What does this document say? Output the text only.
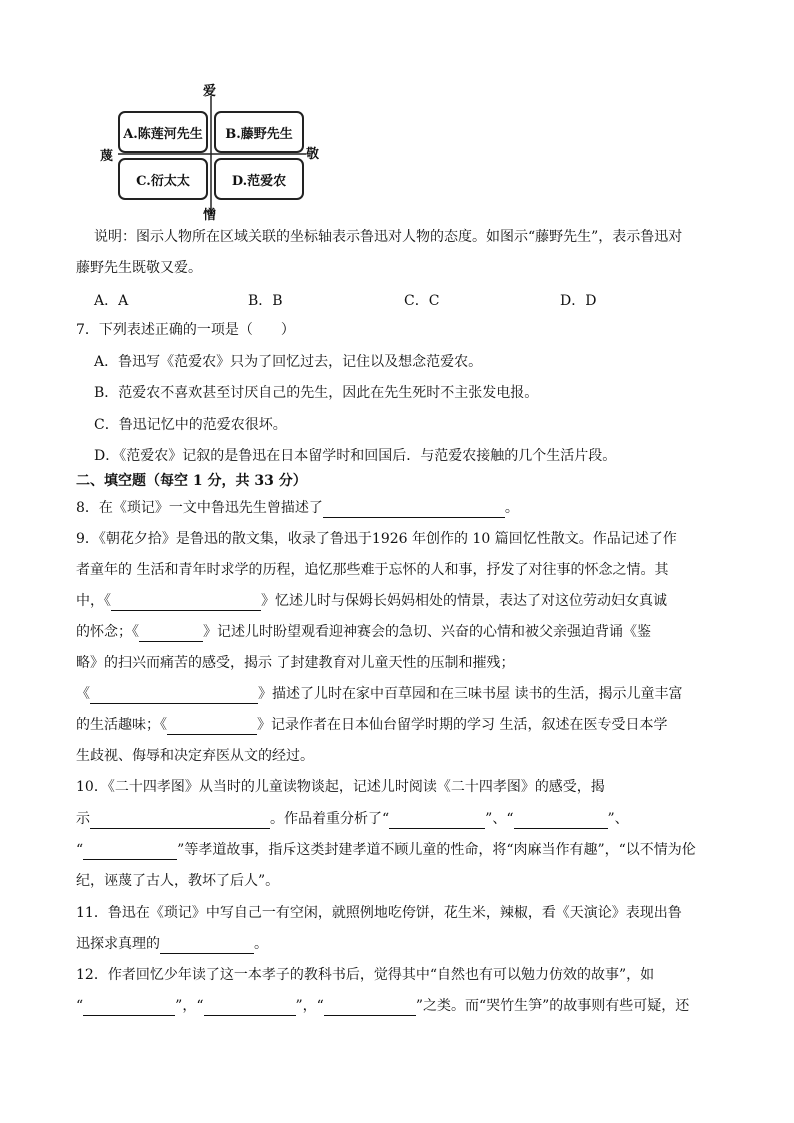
爱
蔑	敬
憎
A.陈莲河先生	B.藤野先生
C.衍太太	D.范爱农
说明：图示人物所在区域关联的坐标轴表示鲁迅对人物的态度。如图示“藤野先生”，表示鲁迅对
藤野先生既敬又爱。
A．A	B．B	C．C	D．D
7．下列表述正确的一项是（　　）
A．鲁迅写《范爱农》只为了回忆过去，记住以及想念范爱农。
B．范爱农不喜欢甚至讨厌自己的先生，因此在先生死时不主张发电报。
C．鲁迅记忆中的范爱农很坏。
D．《范爱农》记叙的是鲁迅在日本留学时和回国后．与范爱农接触的几个生活片段。
二、填空题（每空 1 分，共 33 分）
8．在《琐记》一文中鲁迅先生曾描述了	。
9．《朝花夕拾》是鲁迅的散文集，收录了鲁迅于1926 年创作的 10 篇回忆性散文。作品记述了作
者童年的 生活和青年时求学的历程，追忆那些难于忘怀的人和事，抒发了对往事的怀念之情。其
中，《	》忆述儿时与保姆长妈妈相处的情景，表达了对这位劳动妇女真诚
的怀念；《	》记述儿时盼望观看迎神赛会的急切、兴奋的心情和被父亲强迫背诵《鉴
略》的扫兴而痛苦的感受，揭示 了封建教育对儿童天性的压制和摧残；
《	》描述了儿时在家中百草园和在三味书屋 读书的生活，揭示儿童丰富
的生活趣味；《	》记录作者在日本仙台留学时期的学习 生活，叙述在医专受日本学
生歧视、侮辱和决定弃医从文的经过。
10．《二十四孝图》从当时的儿童读物谈起，记述儿时阅读《二十四孝图》的感受，揭
示	。作品着重分析了“	”、“	”、
“	”等孝道故事，指斥这类封建孝道不顾儿童的性命，将“肉麻当作有趣”，“以不情为伦
纪，诬蔑了古人，教坏了后人”。
11．鲁迅在《琐记》中写自己一有空闲，就照例地吃侉饼，花生米，辣椒，看《天演论》表现出鲁
迅探求真理的	。
12．作者回忆少年读了这一本孝子的教科书后，觉得其中“自然也有可以勉力仿效的故事”，如
“	”，“	”，“	”之类。而“哭竹生笋”的故事则有些可疑，还
